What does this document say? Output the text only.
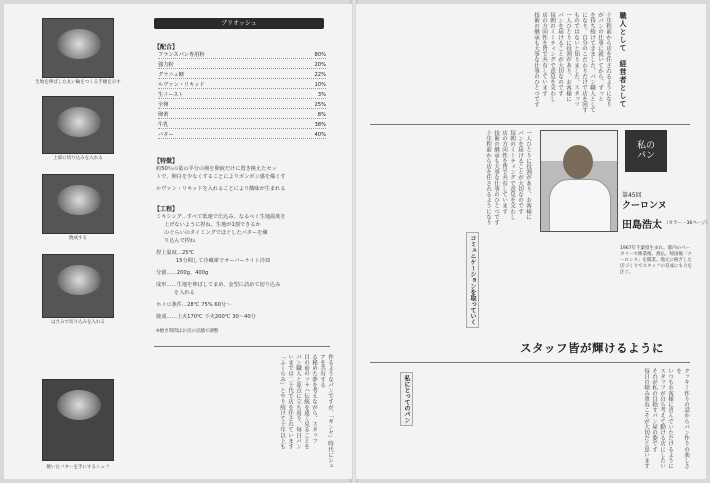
生地を伸ばした丸い輪をつくる手順を示す
上部に切り込みを入れる
焼成する
はさみで切り込みを入れる
焼いたバターを手にするシェフ
ブリオッシュ
【配合】
フランスパン専用粉	80%
強力粉	20%
グラニュ糖	22%
ルヴァン・リキッド	10%
生イースト	3%
全卵	25%
卵黄	8%
牛乳	38%
バター	40%
【特徴】
約50％の量の半分の層を卵液だけに置き換えたセッ
トで、卵白を少なくすることによりボンボン感を爆くす
ルヴァン・リキッドを入れることにより酸味が生まれる
【工程】
ミキシング…すべて低速で仕込み、なるべく生地温度を
上げないように捏ね。生地が1割できるか
のぐらいのタイミングでほぐしたバターを練
り込んで捏ね
捏上温度…25℃
15分間して冷蔵庫でオーバーナイト冷却
分割……200g、400g
成形……生地を伸ばしてまめ、金型に詰めて切り込み
を入れる
ホイロ条件…28℃ 75% 60分〜
焼成……上火170℃ 下火200℃ 30〜40分
※焼き時間はお店の店舗で調整
作るようなパンですが、「ギンヤ」時代にシェアを共有する
る秘めた夢を考えながら、スタッフ
目の前のフラハ伝統を遠く見ることを
パン職人と原点に立ち返り、毎日パン
いまでは二十代で店を任されています
「ふくらみ」とやり続けて十年以上も
職人として　経営者として
十年程前から店を任されるようになり
がパンの仕事に就いてから、ずっと
を持ち続けてきました。パン職人として
になり、自分のこだわりだけで店を回す
ものではないと知りました。スタッフ
一人ひとりに役割があり、お客様に
パンを届けることが大切なのです
毎朝のミーティングで意見を交わし
店の方向性を皆で共有しています
技術の継承も大事な仕事のひとつです
一人ひとりに役割があり、お客様に
パンを届けることが大切なのです
毎朝のミーティングで意見を交わし
店の方向性を皆で共有しています
技術の継承も大事な仕事のひとつです
十年程前から店を任されるようになり
コミュニケーションを取っていく
私の
パン
第45回
クーロンヌ
田島浩太 （カラー・36ページ）
1967年千葉県生まれ。都内のベーカリーで修業後、渡仏。帰国後「クーロンヌ」を開業。地元に根ざした店づくりでスタッフの育成にも力を注ぐ。
スタッフ皆が輝けるように
クッキー作りの話からパン作りの楽しさを
いつもお客様に喜んでいただけるように
スタッフが自ら考えて動ける店にしたい
それが私の目指すパン屋の姿です
毎日の積み重ねこそが大切だと思います
私にとってのパン
